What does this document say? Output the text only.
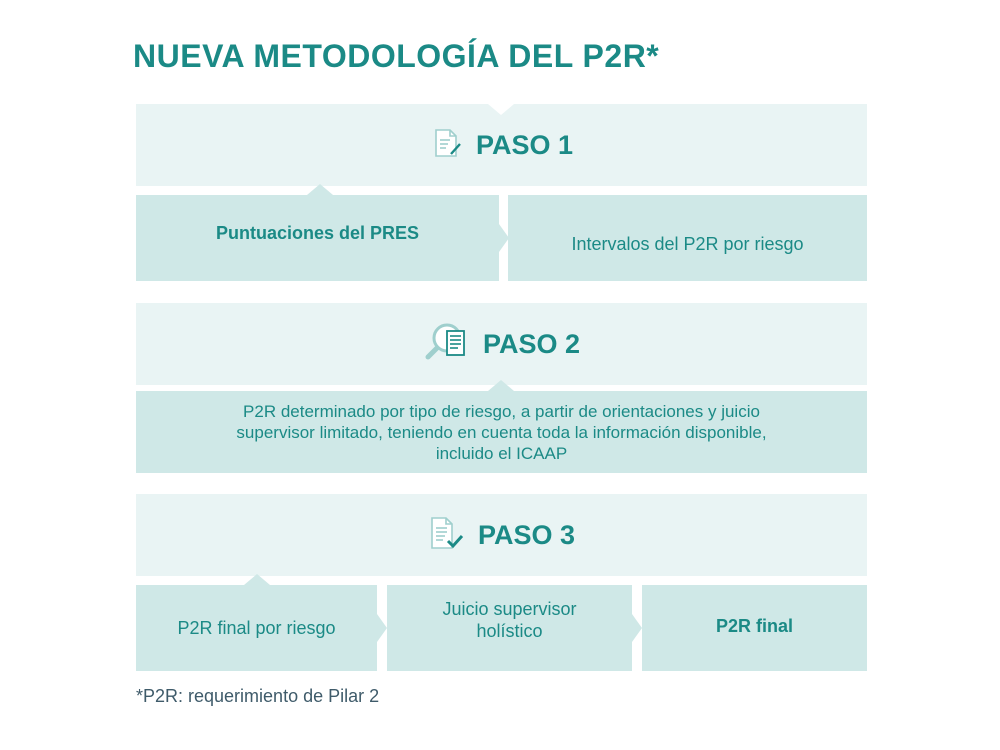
NUEVA METODOLOGÍA DEL P2R*
PASO 1
Puntuaciones del PRES
Intervalos del P2R por riesgo
PASO 2
P2R determinado por tipo de riesgo, a partir de orientaciones y juicio supervisor limitado, teniendo en cuenta toda la información disponible, incluido el ICAAP
PASO 3
P2R final por riesgo
Juicio supervisor holístico	P2R final
*P2R: requerimiento de Pilar 2
